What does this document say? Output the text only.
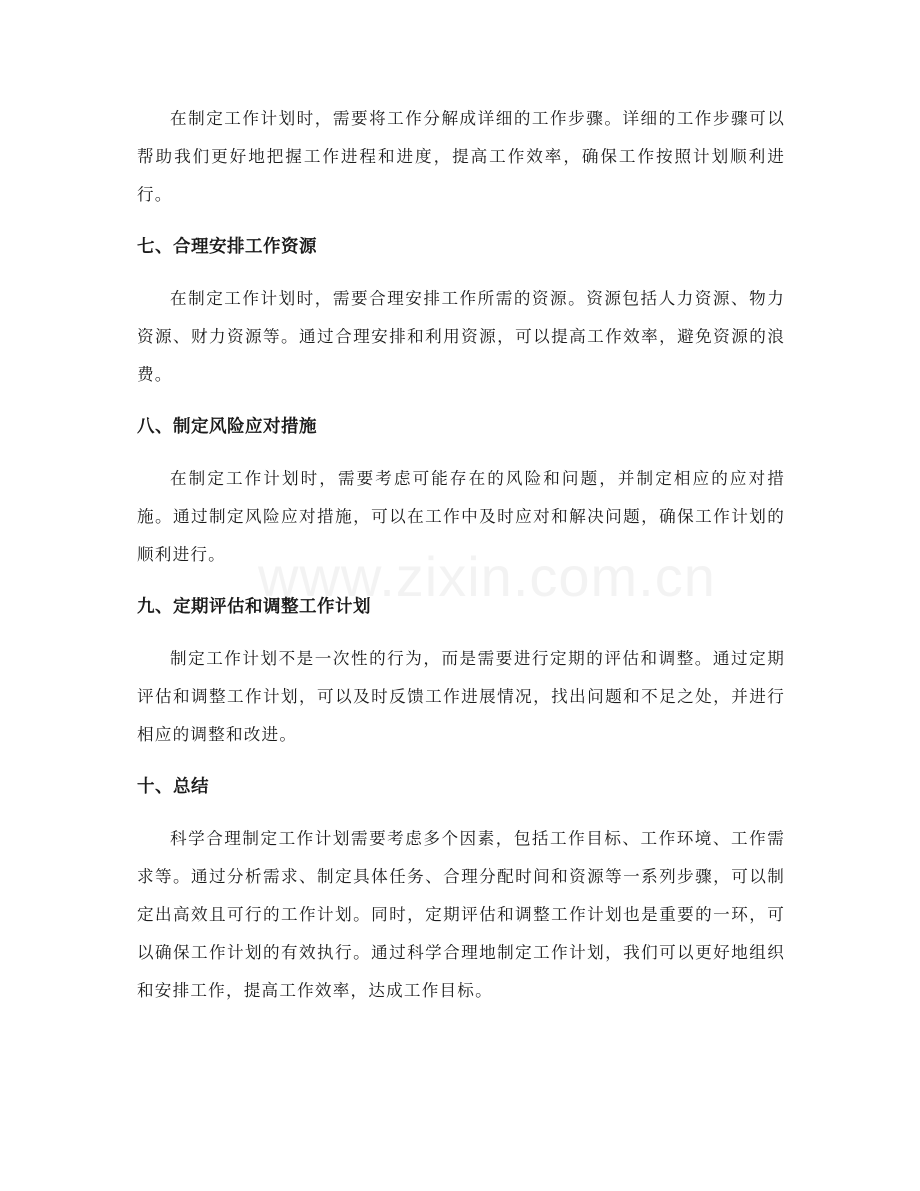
在制定工作计划时，需要将工作分解成详细的工作步骤。详细的工作步骤可以帮助我们更好地把握工作进程和进度，提高工作效率，确保工作按照计划顺利进行。

七、合理安排工作资源

在制定工作计划时，需要合理安排工作所需的资源。资源包括人力资源、物力资源、财力资源等。通过合理安排和利用资源，可以提高工作效率，避免资源的浪费。

八、制定风险应对措施

在制定工作计划时，需要考虑可能存在的风险和问题，并制定相应的应对措施。通过制定风险应对措施，可以在工作中及时应对和解决问题，确保工作计划的顺利进行。

九、定期评估和调整工作计划

制定工作计划不是一次性的行为，而是需要进行定期的评估和调整。通过定期评估和调整工作计划，可以及时反馈工作进展情况，找出问题和不足之处，并进行相应的调整和改进。

十、总结

科学合理制定工作计划需要考虑多个因素，包括工作目标、工作环境、工作需求等。通过分析需求、制定具体任务、合理分配时间和资源等一系列步骤，可以制定出高效且可行的工作计划。同时，定期评估和调整工作计划也是重要的一环，可以确保工作计划的有效执行。通过科学合理地制定工作计划，我们可以更好地组织和安排工作，提高工作效率，达成工作目标。

www.zixin.com.cn
